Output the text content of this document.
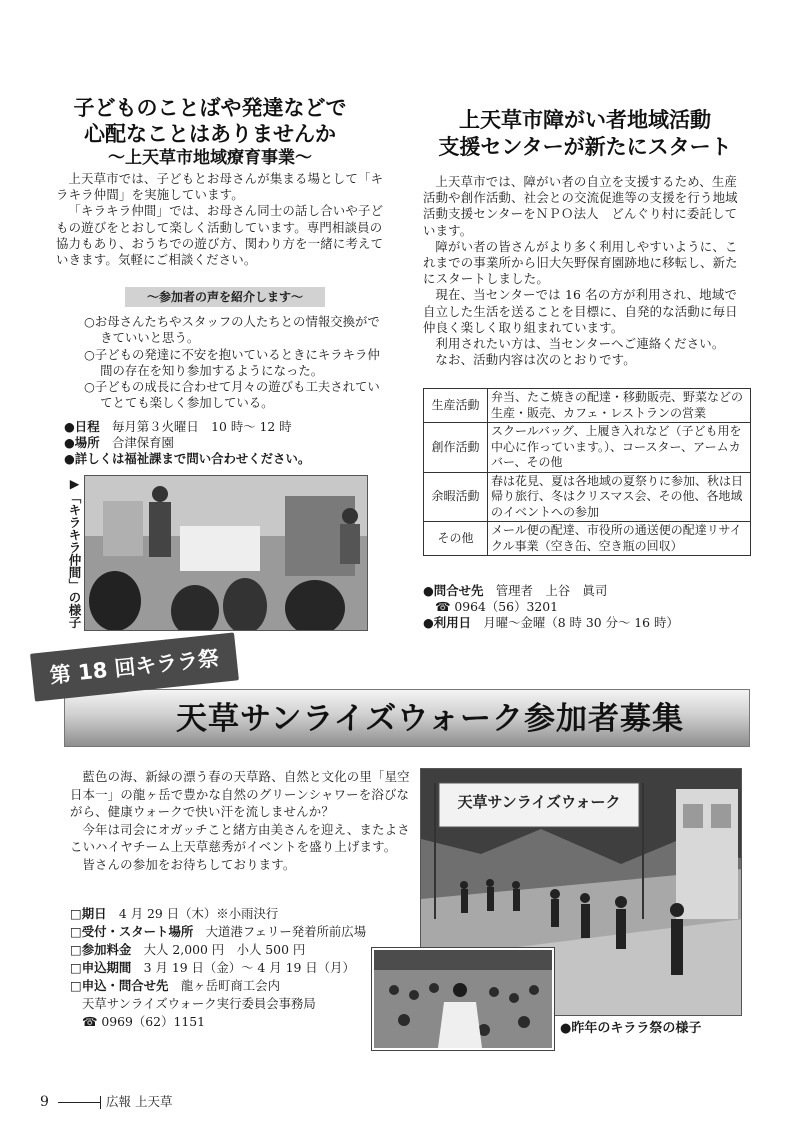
子どものことばや発達などで
心配なことはありませんか
～上天草市地域療育事業～

上天草市では、子どもとお母さんが集まる場として「キラキラ仲間」を実施しています。

「キラキラ仲間」では、お母さん同士の話し合いや子どもの遊びをとおして楽しく活動しています。専門相談員の協力もあり、おうちでの遊び方、関わり方を一緒に考えていきます。気軽にご相談ください。

～参加者の声を紹介します～
○お母さんたちやスタッフの人たちとの情報交換ができていいと思う。
○子どもの発達に不安を抱いているときにキラキラ仲間の存在を知り参加するようになった。
○子どもの成長に合わせて月々の遊びも工夫されていてとても楽しく参加している。
●日程　 毎月第３火曜日　10 時～ 12 時
●場所　 合津保育園
●詳しくは福祉課まで問い合わせください。
▶「キラキラ仲間」の様子
上天草市障がい者地域活動
支援センターが新たにスタート

上天草市では、障がい者の自立を支援するため、生産活動や創作活動、社会との交流促進等の支援を行う地域活動支援センターをＮＰＯ法人　どんぐり村に委託しています。

障がい者の皆さんがより多く利用しやすいように、これまでの事業所から旧大矢野保育園跡地に移転し、新たにスタートしました。

現在、当センターでは 16 名の方が利用され、地域で自立した生活を送ることを目標に、自発的な活動に毎日仲良く楽しく取り組まれています。

利用されたい方は、当センターへご連絡ください。

なお、活動内容は次のとおりです。

生産活動	弁当、たこ焼きの配達・移動販売、野菜などの生産・販売、カフェ・レストランの営業
創作活動	スクールバッグ、上履き入れなど（子ども用を中心に作っています。）、コースター、アームカバー、その他
余暇活動	春は花見、夏は各地域の夏祭りに参加、秋は日帰り旅行、冬はクリスマス会、その他、各地域のイベントへの参加
その他	メール便の配達、市役所の通送便の配達リサイクル事業（空き缶、空き瓶の回収）
●問合せ先　 管理者　上谷　眞司
☎ 0964（56）3201
●利用日　 月曜～金曜（8 時 30 分～ 16 時）
天草サンライズウォーク参加者募集
第 18 回キララ祭

藍色の海、新緑の漂う春の天草路、自然と文化の里「星空日本一」の龍ヶ岳で豊かな自然のグリーンシャワーを浴びながら、健康ウォークで快い汗を流しませんか？

今年は司会にオガッチこと緒方由美さんを迎え、またよさこいハイヤチーム上天草慈秀がイベントを盛り上げます。

皆さんの参加をお待ちしております。

□期日　 4 月 29 日（木）※小雨決行
□受付・スタート場所　 大道港フェリー発着所前広場
□参加料金　 大人 2,000 円　小人 500 円
□申込期間　 3 月 19 日（金）～ 4 月 19 日（月）
□申込・問合せ先　 龍ヶ岳町商工会内
天草サンライズウォーク実行委員会事務局
☎ 0969（62）1151
天草サンライズウォーク
●昨年のキララ祭の様子
9	広報 上天草
